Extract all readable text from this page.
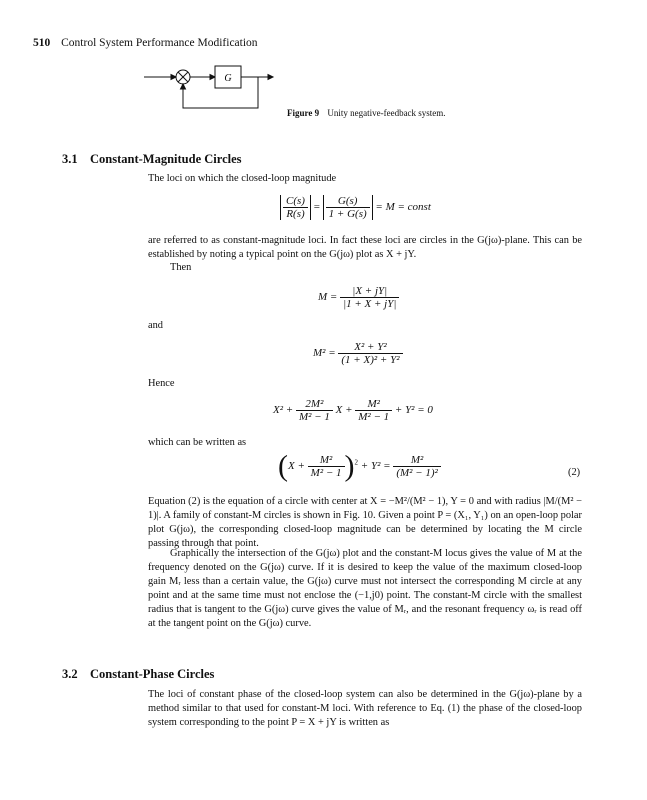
510 Control System Performance Modification
G
Figure 9 Unity negative-feedback system.
3.1 Constant-Magnitude Circles
The loci on which the closed-loop magnitude
$\frac{C(s)}{R(s)} = \frac{G(s)}{1 + G(s)} = M$ = const
are referred to as constant-magnitude loci. In fact these loci are circles in the G(jω)-plane. This can be established by noting a typical point on the G(jω) plot as X + jY.
Then
$M = \frac{|X + jY|}{|1 + X + jY|}$
and
$M^2 = \frac{\text{X² + Y²}}{\text{(1 + X)² + Y²}}$
Hence
$X^2 + \frac{\text{2M²}}{\text{M² − 1}}$ $X + \frac{\text{M²}}{\text{M² − 1}} + Y^2 = 0$
which can be written as
$(X + \frac{\text{M²}}{\text{M² − 1}} )^2 + Y^2 = \frac{\text{M²}}{\text{(M² − 1)²}}$	(2)
Equation (2) is the equation of a circle with center at X = −M²/(M² − 1), Y = 0 and with radius |M/(M² − 1)|. A family of constant-M circles is shown in Fig. 10. Given a point P = (X₁, Y₁) on an open-loop polar plot G(jω), the corresponding closed-loop magnitude can be determined by locating the M circle passing through that point.
Graphically the intersection of the G(jω) plot and the constant-M locus gives the value of M at the frequency denoted on the G(jω) curve. If it is desired to keep the value of the maximum closed-loop gain Mᵣ less than a certain value, the G(jω) curve must not intersect the corresponding M circle at any point and at the same time must not enclose the (−1,j0) point. The constant-M circle with the smallest radius that is tangent to the G(jω) curve gives the value of Mᵣ, and the resonant frequency ωᵣ is read off at the tangent point on the G(jω) curve.
3.2 Constant-Phase Circles
The loci of constant phase of the closed-loop system can also be determined in the G(jω)-plane by a method similar to that used for constant-M loci. With reference to Eq. (1) the phase of the closed-loop system corresponding to the point P = X + jY is written as
